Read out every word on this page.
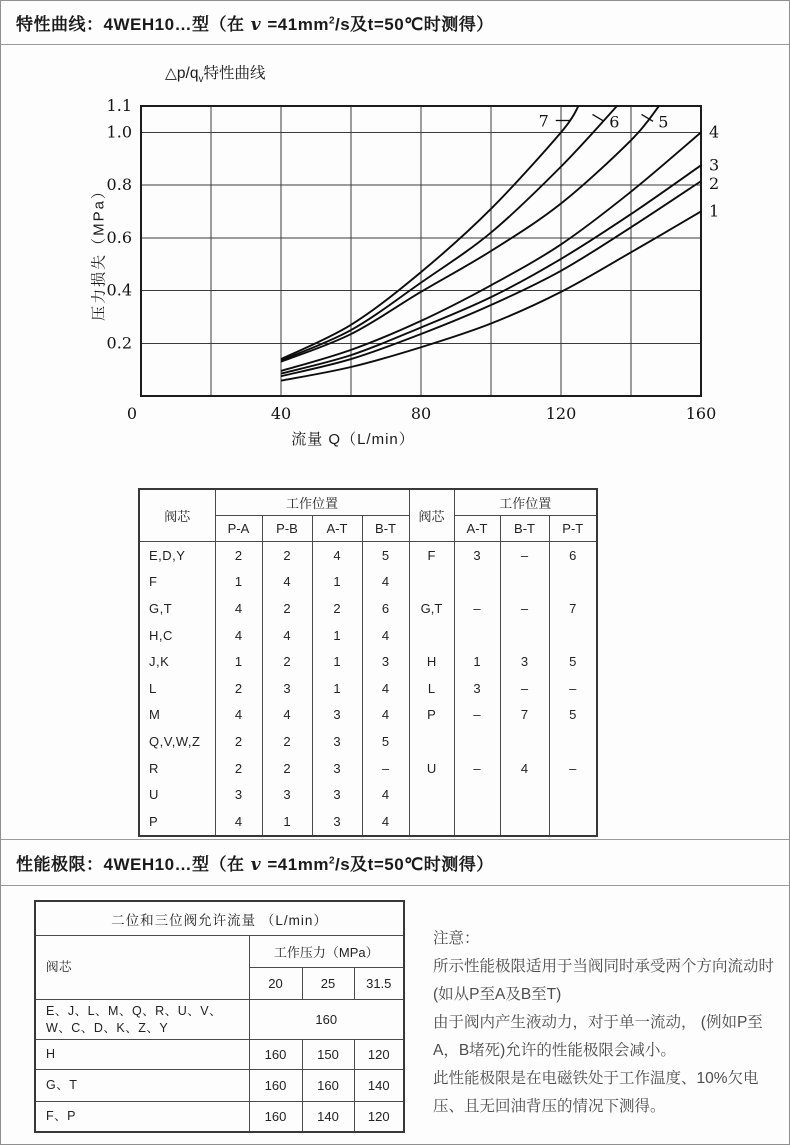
特性曲线：4WEH10…型（在 $v =41mm^2/s$及t=50℃时测得）
$\triangle p/q_v$特性曲线
压力损失（MPa）
0	40	80	120	160
0.2
0.4
0.6
0.8
1.0
1.1
7	6 5
4
3
2
1
流量 Q（L/min）
阀芯	工作位置				阀芯	工作位置		
	P-A	P-B	A-T	B-T		A-T	B-T	P-T
E,D,Y	2	2	4	5	F	3	–	6
F	1	4	1	4				
G,T	4	2	2	6	G,T	–	–	7
H,C	4	4	1	4				
J,K	1	2	1	3	H	1	3	5
L	2	3	1	4	L	3	–	–
M	4	4	3	4	P	–	7	5
Q,V,W,Z	2	2	3	5				
R	2	2	3	–	U	–	4	–
U	3	3	3	4				
P	4	1	3	4				
性能极限：4WEH10…型（在 $v =41mm^2/s$及t=50℃时测得）
二位和三位阀允许流量 （L/min）			
阀芯	工作压力（MPa）		
	20	25	31.5
E、J、L、M、Q、R、U、V、W、C、D、K、Z、Y	160		
H	160	150	120
G、T	160	160	140
F、P	160	140	120
注意：
所示性能极限适用于当阀同时承受两个方向流动时
(如从P至A及B至T)
由于阀内产生液动力，对于单一流动， (例如P至
A，B堵死)允许的性能极限会减小。
此性能极限是在电磁铁处于工作温度、10%欠电
压、且无回油背压的情况下测得。
